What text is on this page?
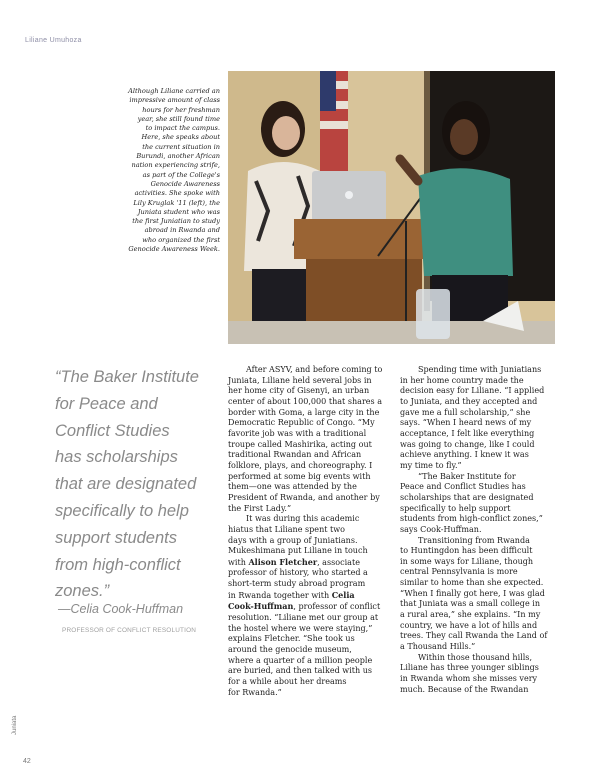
Liliane Umuhoza
Although Liliane carried an
impressive amount of class
hours for her freshman
year, she still found time
to impact the campus.
Here, she speaks about
the current situation in
Burundi, another African
nation experiencing strife,
as part of the College's
Genocide Awareness
activities. She spoke with
Lily Kruglak '11 (left), the
Juniata student who was
the first Juniatian to study
abroad in Rwanda and
who organized the first
Genocide Awareness Week.
“The Baker Institute
for Peace and
Conflict Studies
has scholarships
that are designated
specifically to help
support students
from high-conflict
zones.”
—Celia Cook-Huffman
PROFESSOR OF CONFLICT RESOLUTION
After ASYV, and before coming to
Juniata, Liliane held several jobs in
her home city of Gisenyi, an urban
center of about 100,000 that shares a
border with Goma, a large city in the
Democratic Republic of Congo. “My
favorite job was with a traditional
troupe called Mashirika, acting out
traditional Rwandan and African
folklore, plays, and choreography. I
performed at some big events with
them—one was attended by the
President of Rwanda, and another by
the First Lady.”
It was during this academic
hiatus that Liliane spent two
days with a group of Juniatians.
Mukeshimana put Liliane in touch
with Alison Fletcher, associate
professor of history, who started a
short-term study abroad program
in Rwanda together with Celia
Cook-Huffman, professor of conflict
resolution. “Liliane met our group at
the hostel where we were staying,”
explains Fletcher. “She took us
around the genocide museum,
where a quarter of a million people
are buried, and then talked with us
for a while about her dreams
for Rwanda.”
Spending time with Juniatians
in her home country made the
decision easy for Liliane. “I applied
to Juniata, and they accepted and
gave me a full scholarship,” she
says. “When I heard news of my
acceptance, I felt like everything
was going to change, like I could
achieve anything. I knew it was
my time to fly.”
“The Baker Institute for
Peace and Conflict Studies has
scholarships that are designated
specifically to help support
students from high-conflict zones,”
says Cook-Huffman.
Transitioning from Rwanda
to Huntingdon has been difficult
in some ways for Liliane, though
central Pennsylvania is more
similar to home than she expected.
“When I finally got here, I was glad
that Juniata was a small college in
a rural area,” she explains. “In my
country, we have a lot of hills and
trees. They call Rwanda the Land of
a Thousand Hills.”
Within those thousand hills,
Liliane has three younger siblings
in Rwanda whom she misses very
much. Because of the Rwandan
Juniata
42
